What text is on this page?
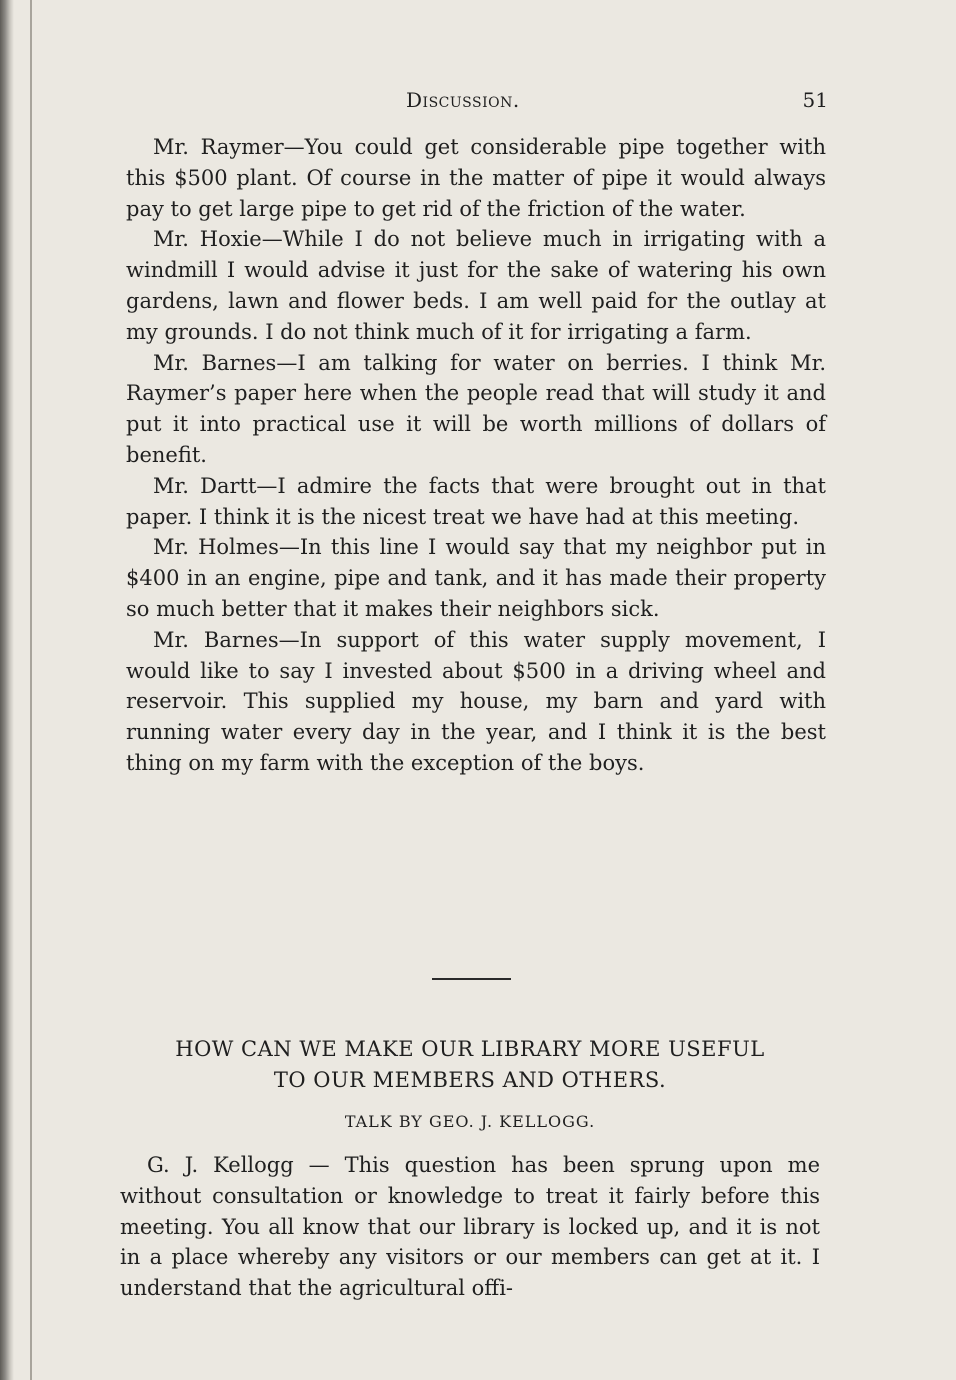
Discussion.	51

Mr. Raymer—You could get considerable pipe together with this $500 plant. Of course in the matter of pipe it would always pay to get large pipe to get rid of the friction of the water.

Mr. Hoxie—While I do not believe much in irrigating with a windmill I would advise it just for the sake of watering his own gardens, lawn and flower beds. I am well paid for the outlay at my grounds. I do not think much of it for irrigating a farm.

Mr. Barnes—I am talking for water on berries. I think Mr. Raymer’s paper here when the people read that will study it and put it into practical use it will be worth millions of dollars of benefit.

Mr. Dartt—I admire the facts that were brought out in that paper. I think it is the nicest treat we have had at this meeting.

Mr. Holmes—In this line I would say that my neighbor put in $400 in an engine, pipe and tank, and it has made their property so much better that it makes their neighbors sick.

Mr. Barnes—In support of this water supply movement, I would like to say I invested about $500 in a driving wheel and reservoir. This supplied my house, my barn and yard with running water every day in the year, and I think it is the best thing on my farm with the exception of the boys.

HOW CAN WE MAKE OUR LIBRARY MORE USEFUL
TO OUR MEMBERS AND OTHERS.
TALK BY GEO. J. KELLOGG.

G. J. Kellogg — This question has been sprung upon me without consultation or knowledge to treat it fairly before this meeting. You all know that our library is locked up, and it is not in a place whereby any visitors or our members can get at it. I understand that the agricultural offi-
